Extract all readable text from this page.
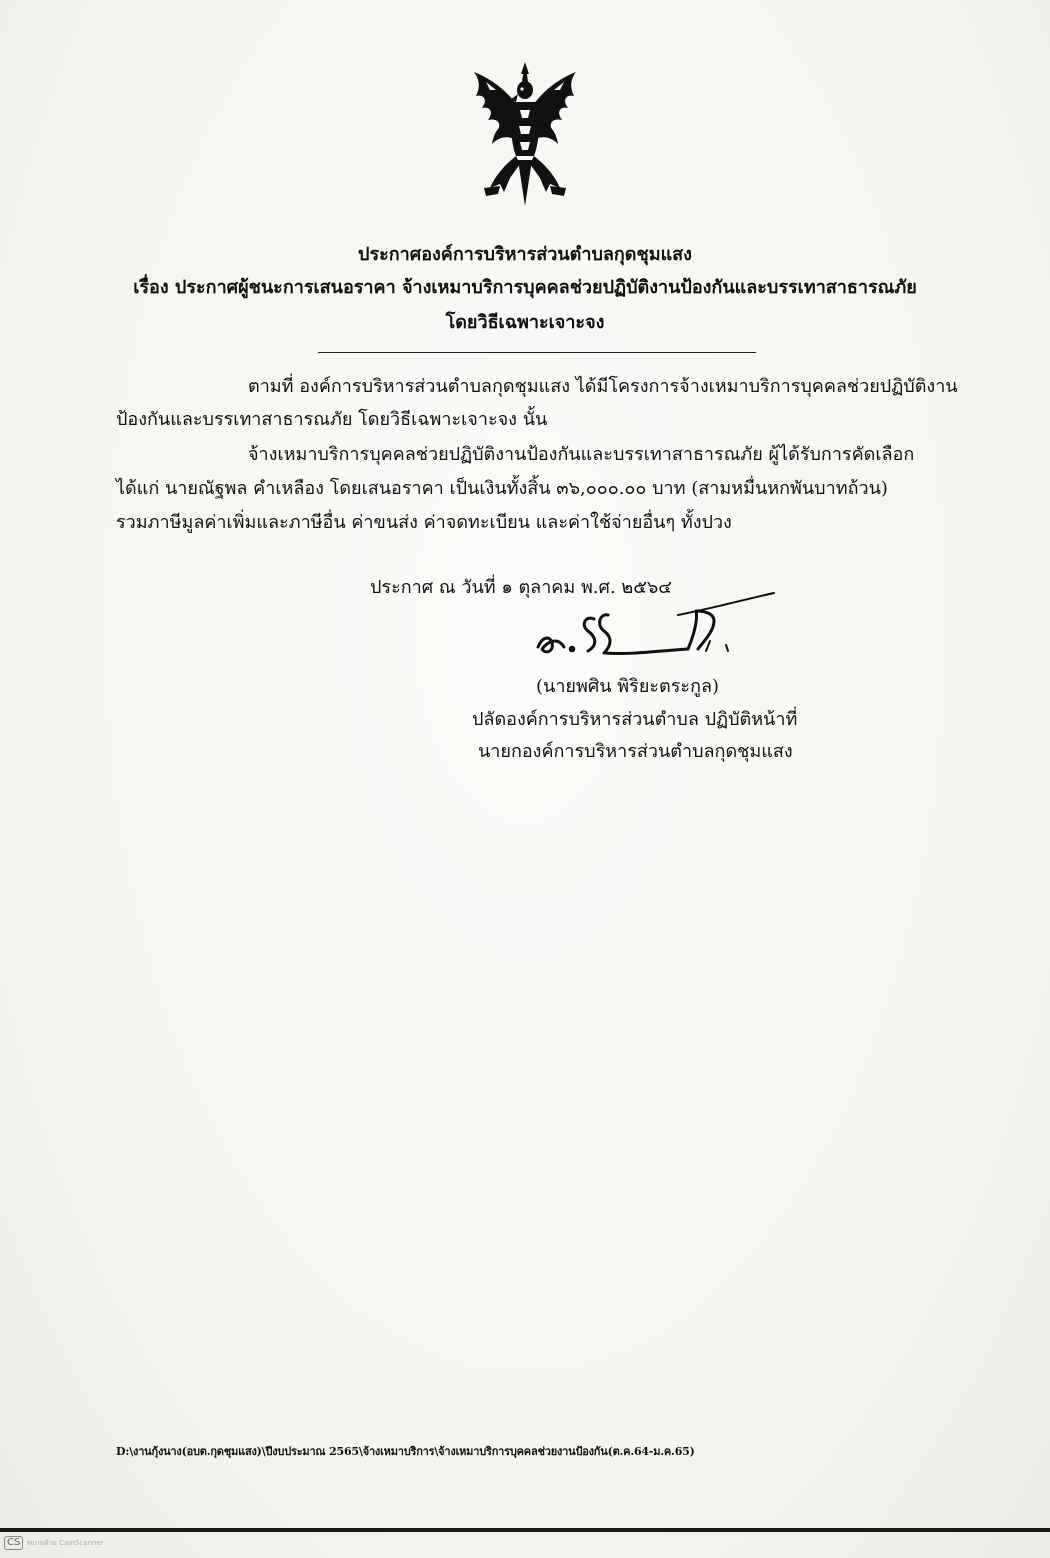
ประกาศองค์การบริหารส่วนตำบลกุดชุมแสง
เรื่อง ประกาศผู้ชนะการเสนอราคา จ้างเหมาบริการบุคคลช่วยปฏิบัติงานป้องกันและบรรเทาสาธารณภัย
โดยวิธีเฉพาะเจาะจง
ตามที่ องค์การบริหารส่วนตำบลกุดชุมแสง ได้มีโครงการจ้างเหมาบริการบุคคลช่วยปฏิบัติงาน
ป้องกันและบรรเทาสาธารณภัย โดยวิธีเฉพาะเจาะจง นั้น
จ้างเหมาบริการบุคคลช่วยปฏิบัติงานป้องกันและบรรเทาสาธารณภัย ผู้ได้รับการคัดเลือก
ได้แก่ นายณัฐพล คำเหลือง โดยเสนอราคา เป็นเงินทั้งสิ้น ๓๖,๐๐๐.๐๐ บาท (สามหมื่นหกพันบาทถ้วน)
รวมภาษีมูลค่าเพิ่มและภาษีอื่น ค่าขนส่ง ค่าจดทะเบียน และค่าใช้จ่ายอื่นๆ ทั้งปวง
ประกาศ ณ วันที่ ๑ ตุลาคม พ.ศ. ๒๕๖๔
(นายพศิน พิริยะตระกูล)
ปลัดองค์การบริหารส่วนตำบล ปฏิบัติหน้าที่
นายกองค์การบริหารส่วนตำบลกุดชุมแสง
D:\งานกุ้งนาง(อบต.กุดชุมแสง)\ปีงบประมาณ 2565\จ้างเหมาบริการ\จ้างเหมาบริการบุคคลช่วยงานป้องกัน(ต.ค.64-ม.ค.65)
CS สแกนด้วย CamScanner
